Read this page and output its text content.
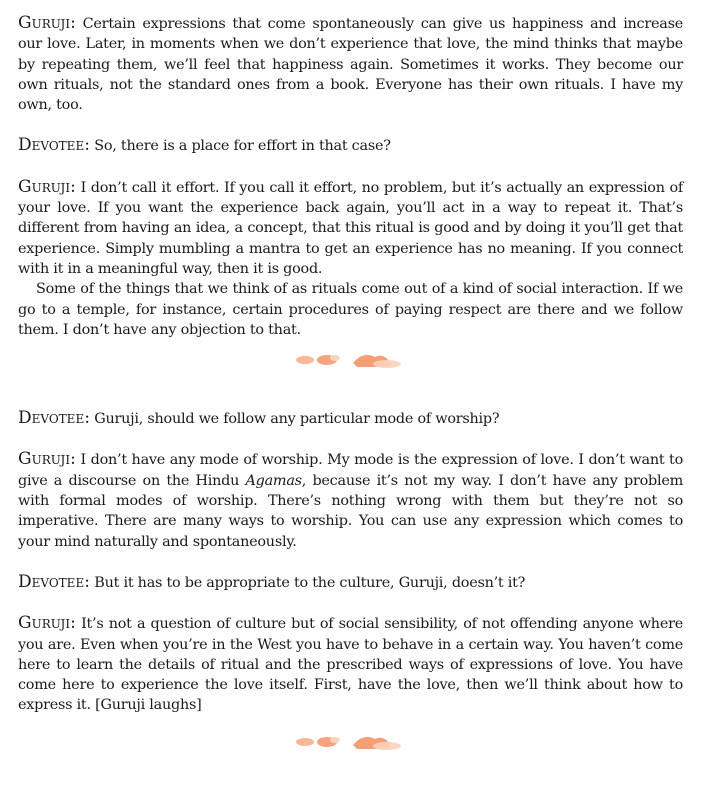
Guruji: Certain expressions that come spontaneously can give us happiness and increase our love. Later, in moments when we don’t experience that love, the mind thinks that maybe by repeating them, we’ll feel that happiness again. Sometimes it works. They become our own rituals, not the standard ones from a book. Everyone has their own rituals. I have my own, too.

Devotee: So, there is a place for effort in that case?

Guruji: I don’t call it effort. If you call it effort, no problem, but it’s actually an expression of your love. If you want the experience back again, you’ll act in a way to repeat it. That’s different from having an idea, a concept, that this ritual is good and by doing it you’ll get that experience. Simply mumbling a mantra to get an experience has no meaning. If you connect with it in a meaningful way, then it is good.

Some of the things that we think of as rituals come out of a kind of social interaction. If we go to a temple, for instance, certain procedures of paying respect are there and we follow them. I don’t have any objection to that.

Devotee: Guruji, should we follow any particular mode of worship?

Guruji: I don’t have any mode of worship. My mode is the expression of love. I don’t want to give a discourse on the Hindu Agamas, because it’s not my way. I don’t have any problem with formal modes of worship. There’s nothing wrong with them but they’re not so imperative. There are many ways to worship. You can use any expression which comes to your mind naturally and spontaneously.

Devotee: But it has to be appropriate to the culture, Guruji, doesn’t it?

Guruji: It’s not a question of culture but of social sensibility, of not offending anyone where you are. Even when you’re in the West you have to behave in a certain way. You haven’t come here to learn the details of ritual and the prescribed ways of expressions of love. You have come here to experience the love itself. First, have the love, then we’ll think about how to express it. [Guruji laughs]
